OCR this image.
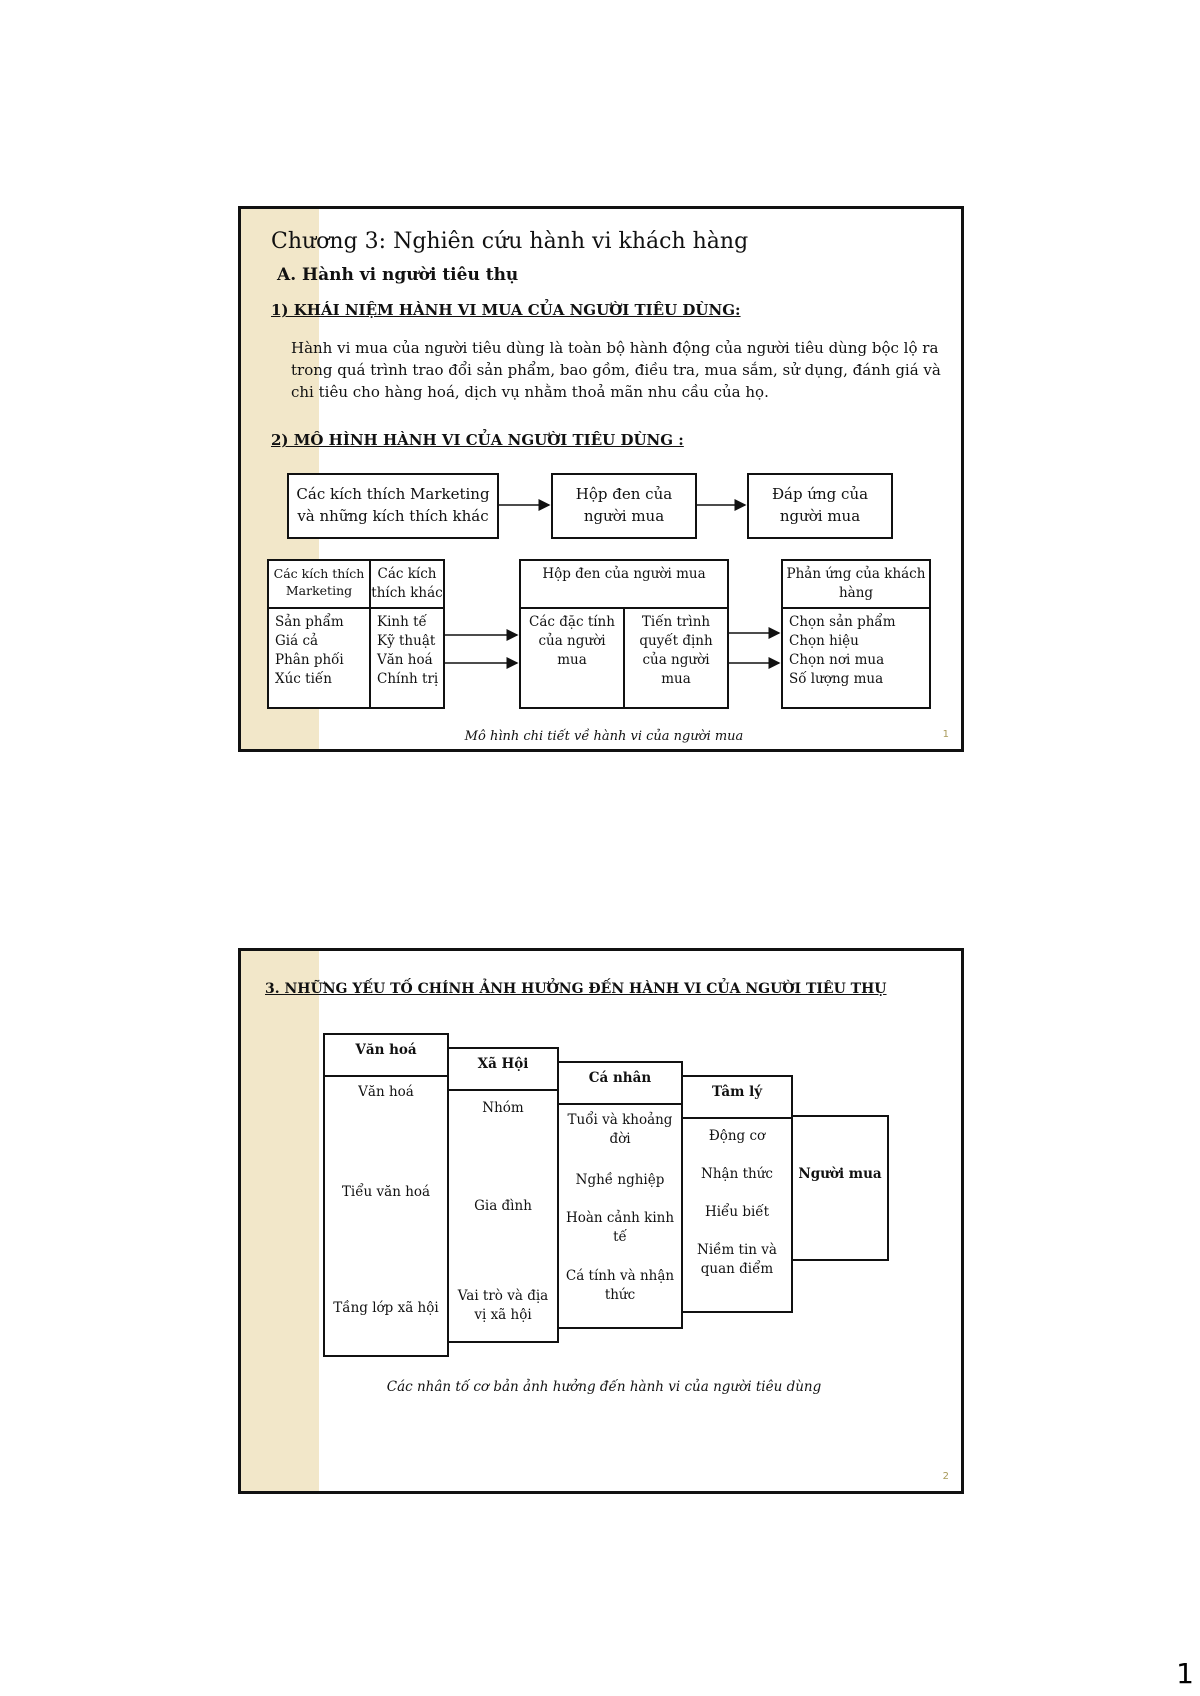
Chương 3: Nghiên cứu hành vi khách hàng
A. Hành vi người tiêu thụ
1) KHÁI NIỆM HÀNH VI MUA CỦA NGƯỜI TIÊU DÙNG:
Hành vi mua của người tiêu dùng là toàn bộ hành động của người tiêu dùng bộc lộ ra
trong quá trình trao đổi sản phẩm, bao gồm, điều tra, mua sắm, sử dụng, đánh giá và
chi tiêu cho hàng hoá, dịch vụ nhằm thoả mãn nhu cầu của họ.
2) MÔ HÌNH HÀNH VI CỦA NGƯỜI TIÊU DÙNG :
Các kích thích Marketing
và những kích thích khác
Hộp đen của
người mua
Đáp ứng của
người mua
Các kích thích
Marketing
Các kích
thích khác
Sản phẩm
Giá cả
Phân phối
Xúc tiến
Kinh tế
Kỹ thuật
Văn hoá
Chính trị
Hộp đen của người mua
Các đặc tính
của người
mua
Tiến trình
quyết định
của người
mua
Phản ứng của khách
hàng
Chọn sản phẩm
Chọn hiệu
Chọn nơi mua
Số lượng mua
Mô hình chi tiết về hành vi của người mua	1
3. NHỮNG YẾU TỐ CHÍNH ẢNH HƯỞNG ĐẾN HÀNH VI CỦA NGƯỜI TIÊU THỤ
Văn hoá
Văn hoá
Tiểu văn hoá
Tầng lớp xã hội
Xã Hội
Nhóm
Gia đình
Vai trò và địa vị xã hội
Cá nhân
Tuổi và khoảng đời
Nghề nghiệp
Hoàn cảnh kinh tế
Cá tính và nhận thức
Tâm lý
Động cơ
Nhận thức
Hiểu biết
Niềm tin và quan điểm
Người mua
Các nhân tố cơ bản ảnh hưởng đến hành vi của người tiêu dùng
2
1
